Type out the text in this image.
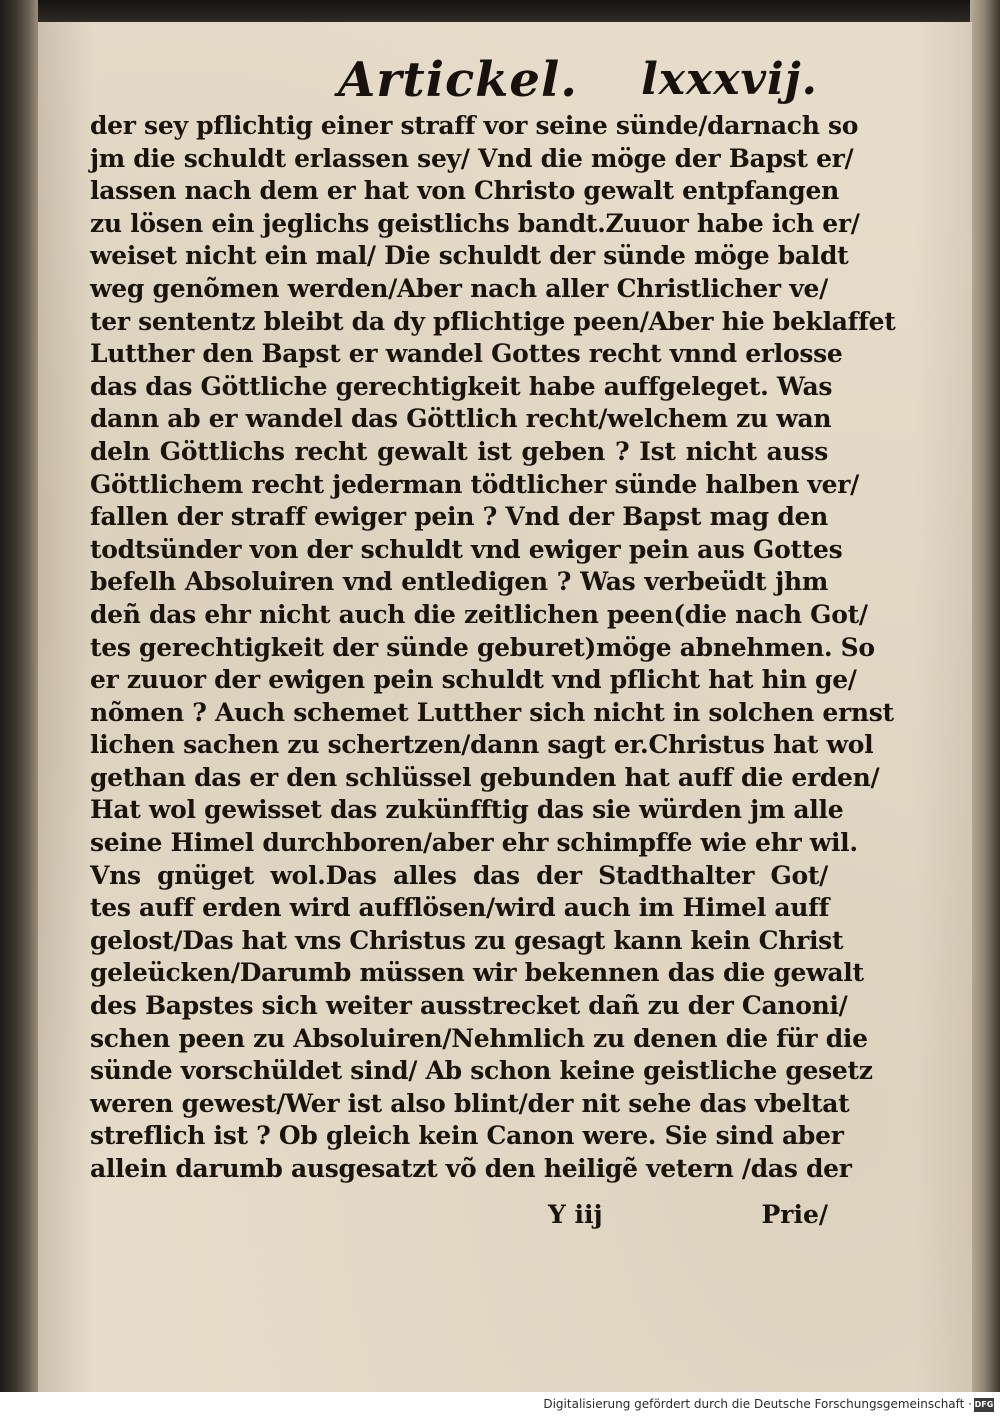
Artickel. lxxxvij.
der sey pflichtig einer straff vor seine sünde/darnach so
jm die schuldt erlassen sey/ Vnd die möge der Bapst er/
lassen nach dem er hat von Christo gewalt entpfangen
zu lösen ein jeglichs geistlichs bandt.Zuuor habe ich er/
weiset nicht ein mal/ Die schuldt der sünde möge baldt
weg genõmen werden/Aber nach aller Christlicher ve/
ter sententz bleibt da dy pflichtige peen/Aber hie beklaffet
Lutther den Bapst er wandel Gottes recht vnnd erlosse
das das Göttliche gerechtigkeit habe auffgeleget. Was
dann ab er wandel das Göttlich recht/welchem zu wan
deln Göttlichs recht gewalt ist geben ? Ist nicht auss
Göttlichem recht jederman tödtlicher sünde halben ver/
fallen der straff ewiger pein ? Vnd der Bapst mag den
todtsünder von der schuldt vnd ewiger pein aus Gottes
befelh Absoluiren vnd entledigen ? Was verbeüdt jhm
deñ das ehr nicht auch die zeitlichen peen(die nach Got/
tes gerechtigkeit der sünde geburet)möge abnehmen. So
er zuuor der ewigen pein schuldt vnd pflicht hat hin ge/
nõmen ? Auch schemet Lutther sich nicht in solchen ernst
lichen sachen zu schertzen/dann sagt er.Christus hat wol
gethan das er den schlüssel gebunden hat auff die erden/
Hat wol gewisset das zukünfftig das sie würden jm alle
seine Himel durchboren/aber ehr schimpffe wie ehr wil.
Vns gnüget wol.Das alles das der Stadthalter Got/
tes auff erden wird aufflösen/wird auch im Himel auff
gelost/Das hat vns Christus zu gesagt kann kein Christ
geleücken/Darumb müssen wir bekennen das die gewalt
des Bapstes sich weiter ausstrecket dañ zu der Canoni/
schen peen zu Absoluiren/Nehmlich zu denen die für die
sünde vorschüldet sind/ Ab schon keine geistliche gesetz
weren gewest/Wer ist also blint/der nit sehe das vbeltat
streflich ist ? Ob gleich kein Canon were. Sie sind aber
allein darumb ausgesatzt võ den heiligẽ vetern /das der
Y iij	Prie/
Digitalisierung gefördert durch die Deutsche Forschungsgemeinschaft · DFG
